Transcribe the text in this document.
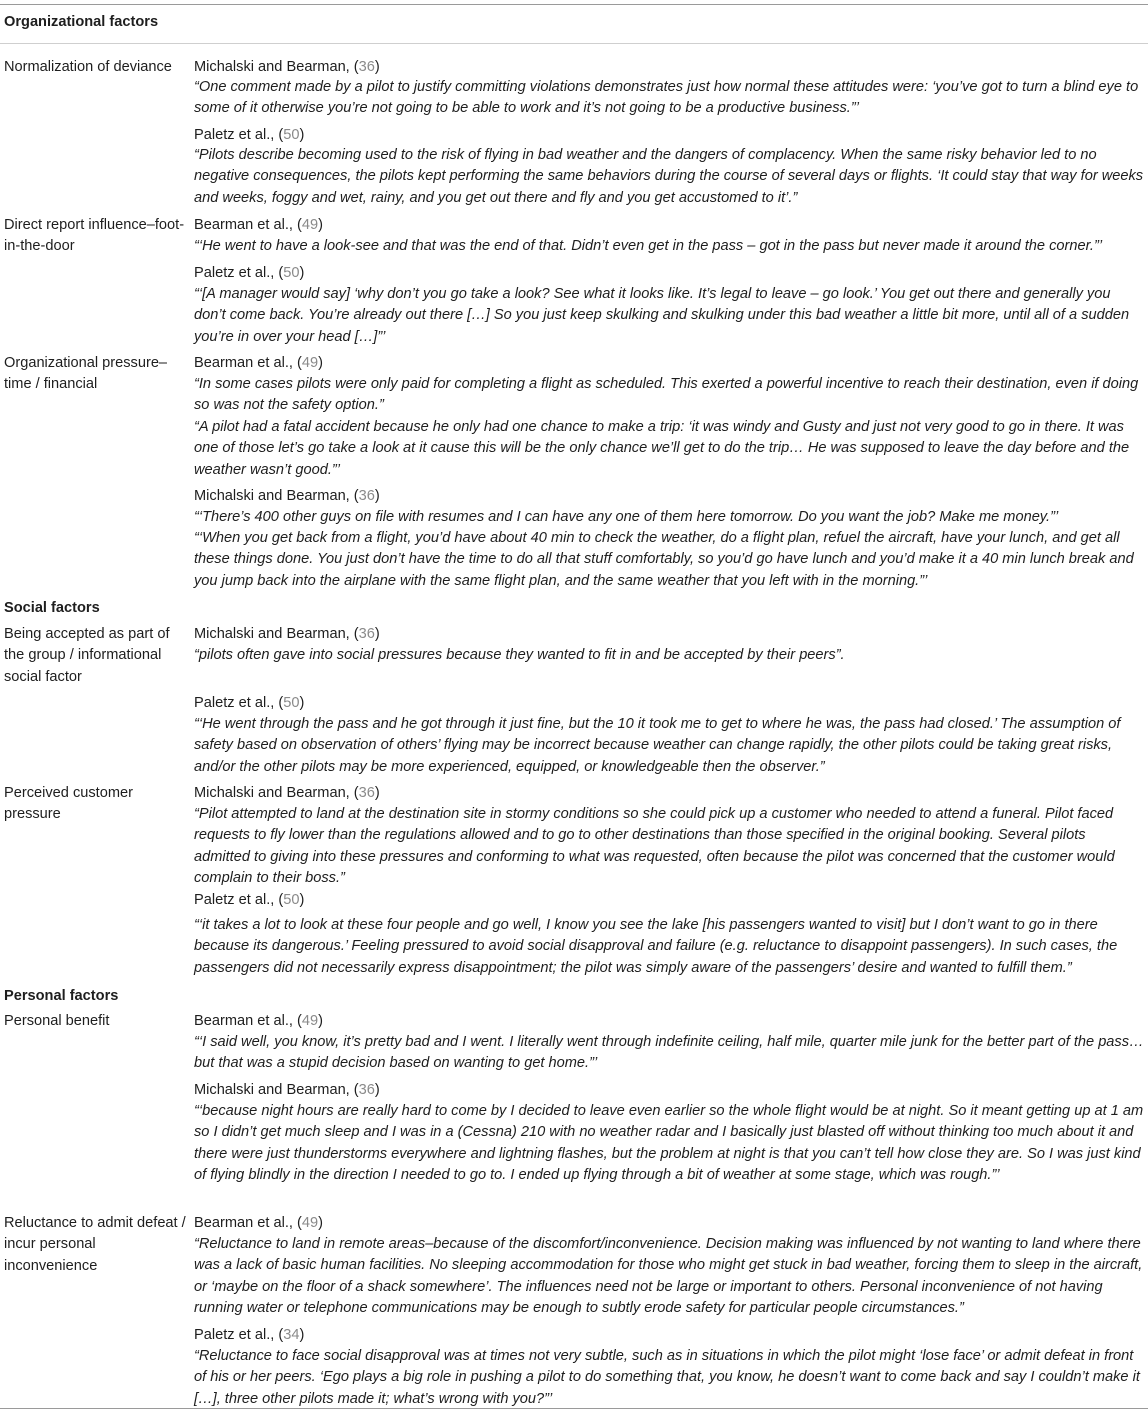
Organizational factors
Social factors
Personal factors
Normalization of deviance	Michalski and Bearman, (36)
“One comment made by a pilot to justify committing violations demonstrates just how normal these attitudes were: ‘you’ve got to turn a blind eye to some of it otherwise you’re not going to be able to work and it’s not going to be a productive business.”’
Paletz et al., (50)
“Pilots describe becoming used to the risk of flying in bad weather and the dangers of complacency. When the same risky behavior led to no negative consequences, the pilots kept performing the same behaviors during the course of several days or flights. ‘It could stay that way for weeks and weeks, foggy and wet, rainy, and you get out there and fly and you get accustomed to it’.”
Direct report influence–foot-in-the-door
Bearman et al., (49)
“‘He went to have a look-see and that was the end of that. Didn’t even get in the pass – got in the pass but never made it around the corner.”’
Paletz et al., (50)
“‘[A manager would say] ‘why don’t you go take a look? See what it looks like. It’s legal to leave – go look.’ You get out there and generally you don’t come back. You’re already out there […] So you just keep skulking and skulking under this bad weather a little bit more, until all of a sudden you’re in over your head […]”’
Organizational pressure–time / financial
Bearman et al., (49)
“In some cases pilots were only paid for completing a flight as scheduled. This exerted a powerful incentive to reach their destination, even if doing so was not the safety option.”
“A pilot had a fatal accident because he only had one chance to make a trip: ‘it was windy and Gusty and just not very good to go in there. It was one of those let’s go take a look at it cause this will be the only chance we’ll get to do the trip… He was supposed to leave the day before and the weather wasn’t good.”’
Michalski and Bearman, (36)
“‘There’s 400 other guys on file with resumes and I can have any one of them here tomorrow. Do you want the job? Make me money.”’
“‘When you get back from a flight, you’d have about 40 min to check the weather, do a flight plan, refuel the aircraft, have your lunch, and get all these things done. You just don’t have the time to do all that stuff comfortably, so you’d go have lunch and you’d make it a 40 min lunch break and you jump back into the airplane with the same flight plan, and the same weather that you left with in the morning.”’
Being accepted as part of the group / informational social factor
Michalski and Bearman, (36)
“pilots often gave into social pressures because they wanted to fit in and be accepted by their peers”.
Paletz et al., (50)
“‘He went through the pass and he got through it just fine, but the 10 it took me to get to where he was, the pass had closed.’ The assumption of safety based on observation of others’ flying may be incorrect because weather can change rapidly, the other pilots could be taking great risks, and/or the other pilots may be more experienced, equipped, or knowledgeable then the observer.”
Perceived customer pressure
Michalski and Bearman, (36)
“Pilot attempted to land at the destination site in stormy conditions so she could pick up a customer who needed to attend a funeral. Pilot faced requests to fly lower than the regulations allowed and to go to other destinations than those specified in the original booking. Several pilots admitted to giving into these pressures and conforming to what was requested, often because the pilot was concerned that the customer would complain to their boss.”
Paletz et al., (50)
“‘it takes a lot to look at these four people and go well, I know you see the lake [his passengers wanted to visit] but I don’t want to go in there because its dangerous.’ Feeling pressured to avoid social disapproval and failure (e.g. reluctance to disappoint passengers). In such cases, the passengers did not necessarily express disappointment; the pilot was simply aware of the passengers’ desire and wanted to fulfill them.”
Personal benefit	Bearman et al., (49)
“‘I said well, you know, it’s pretty bad and I went. I literally went through indefinite ceiling, half mile, quarter mile junk for the better part of the pass… but that was a stupid decision based on wanting to get home.”’
Michalski and Bearman, (36)
“‘because night hours are really hard to come by I decided to leave even earlier so the whole flight would be at night. So it meant getting up at 1 am so I didn’t get much sleep and I was in a (Cessna) 210 with no weather radar and I basically just blasted off without thinking too much about it and there were just thunderstorms everywhere and lightning flashes, but the problem at night is that you can’t tell how close they are. So I was just kind of flying blindly in the direction I needed to go to. I ended up flying through a bit of weather at some stage, which was rough.”’
Reluctance to admit defeat / incur personal inconvenience
Bearman et al., (49)
“Reluctance to land in remote areas–because of the discomfort/inconvenience. Decision making was influenced by not wanting to land where there was a lack of basic human facilities. No sleeping accommodation for those who might get stuck in bad weather, forcing them to sleep in the aircraft, or ‘maybe on the floor of a shack somewhere’. The influences need not be large or important to others. Personal inconvenience of not having running water or telephone communications may be enough to subtly erode safety for particular people circumstances.”
Paletz et al., (34)
“Reluctance to face social disapproval was at times not very subtle, such as in situations in which the pilot might ‘lose face’ or admit defeat in front of his or her peers. ‘Ego plays a big role in pushing a pilot to do something that, you know, he doesn’t want to come back and say I couldn’t make it […], three other pilots made it; what’s wrong with you?”’
